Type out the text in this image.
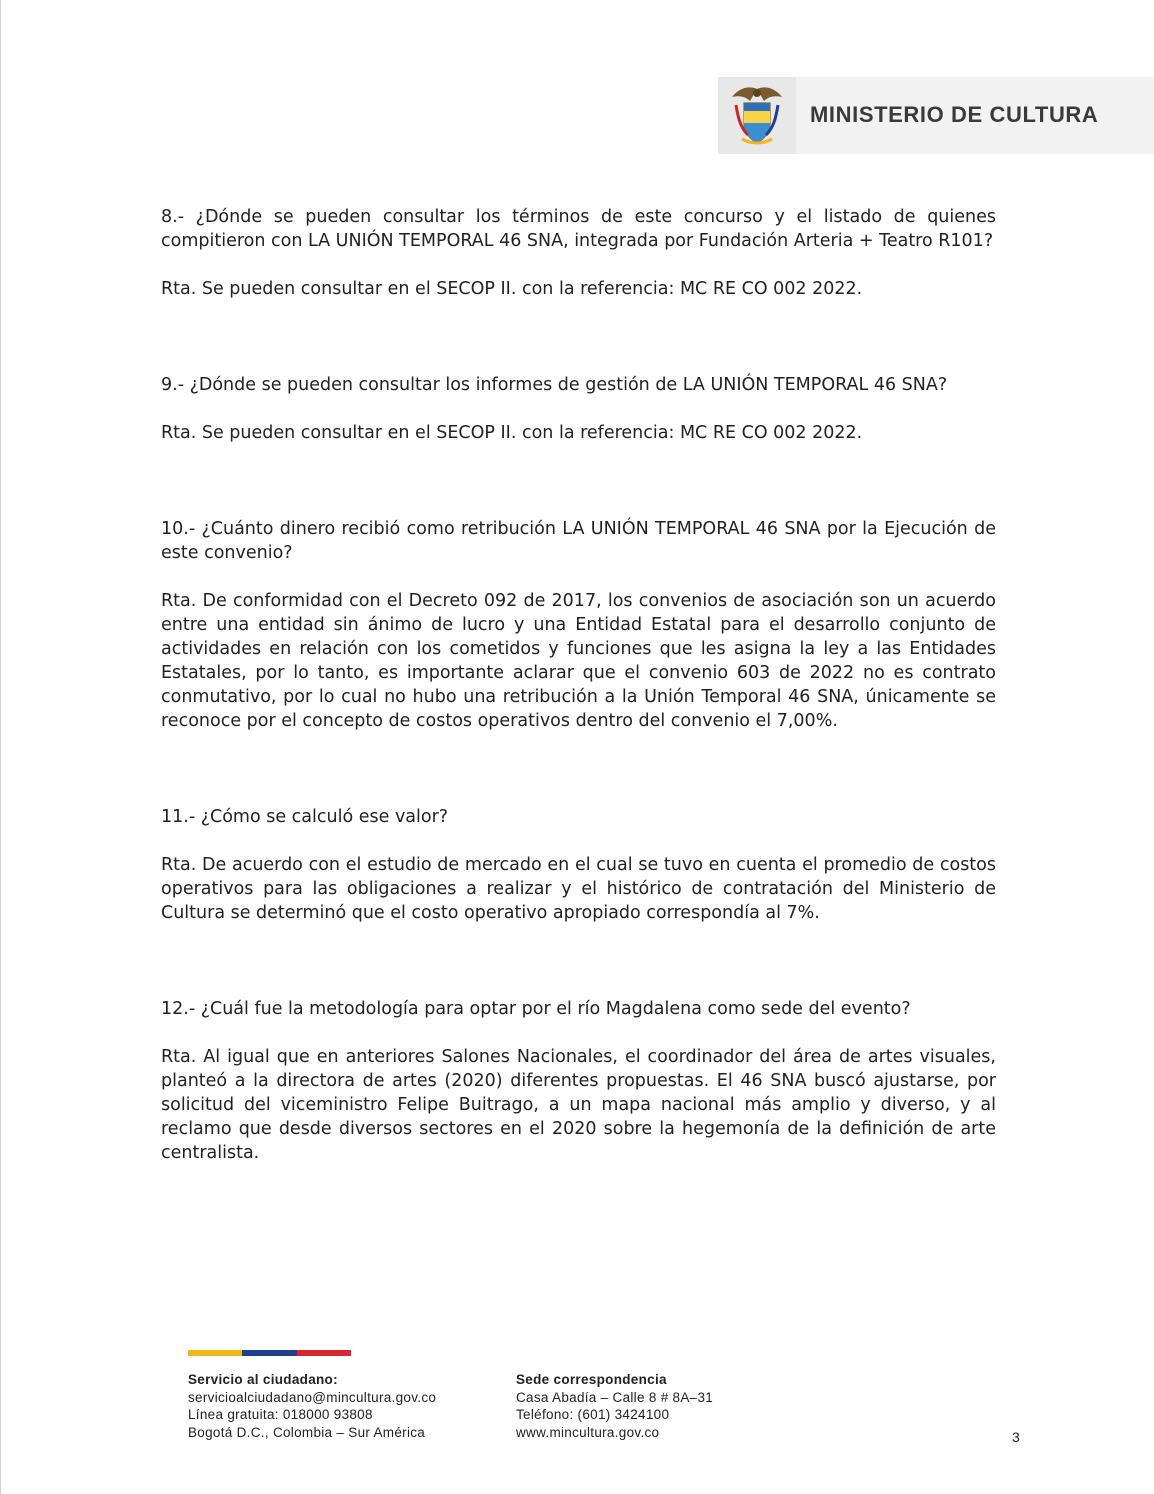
MINISTERIO DE CULTURA

8.- ¿Dónde se pueden consultar los términos de este concurso y el listado de quienes compitieron con LA UNIÓN TEMPORAL 46 SNA, integrada por Fundación Arteria + Teatro R101?

Rta. Se pueden consultar en el SECOP II. con la referencia: MC RE CO 002 2022.

9.- ¿Dónde se pueden consultar los informes de gestión de LA UNIÓN TEMPORAL 46 SNA?

Rta. Se pueden consultar en el SECOP II. con la referencia: MC RE CO 002 2022.

10.- ¿Cuánto dinero recibió como retribución LA UNIÓN TEMPORAL 46 SNA por la Ejecución de este convenio?

Rta. De conformidad con el Decreto 092 de 2017, los convenios de asociación son un acuerdo entre una entidad sin ánimo de lucro y una Entidad Estatal para el desarrollo conjunto de actividades en relación con los cometidos y funciones que les asigna la ley a las Entidades Estatales, por lo tanto, es importante aclarar que el convenio 603 de 2022 no es contrato conmutativo, por lo cual no hubo una retribución a la Unión Temporal 46 SNA, únicamente se reconoce por el concepto de costos operativos dentro del convenio el 7,00%.

11.- ¿Cómo se calculó ese valor?

Rta. De acuerdo con el estudio de mercado en el cual se tuvo en cuenta el promedio de costos operativos para las obligaciones a realizar y el histórico de contratación del Ministerio de Cultura se determinó que el costo operativo apropiado correspondía al 7%.

12.- ¿Cuál fue la metodología para optar por el río Magdalena como sede del evento?

Rta. Al igual que en anteriores Salones Nacionales, el coordinador del área de artes visuales, planteó a la directora de artes (2020) diferentes propuestas. El 46 SNA buscó ajustarse, por solicitud del viceministro Felipe Buitrago, a un mapa nacional más amplio y diverso, y al reclamo que desde diversos sectores en el 2020 sobre la hegemonía de la definición de arte centralista.

Servicio al ciudadano:
servicioalciudadano@mincultura.gov.co
Línea gratuita: 018000 93808
Bogotá D.C., Colombia – Sur América
Sede correspondencia
Casa Abadía – Calle 8 # 8A–31
Teléfono: (601) 3424100
www.mincultura.gov.co	3
